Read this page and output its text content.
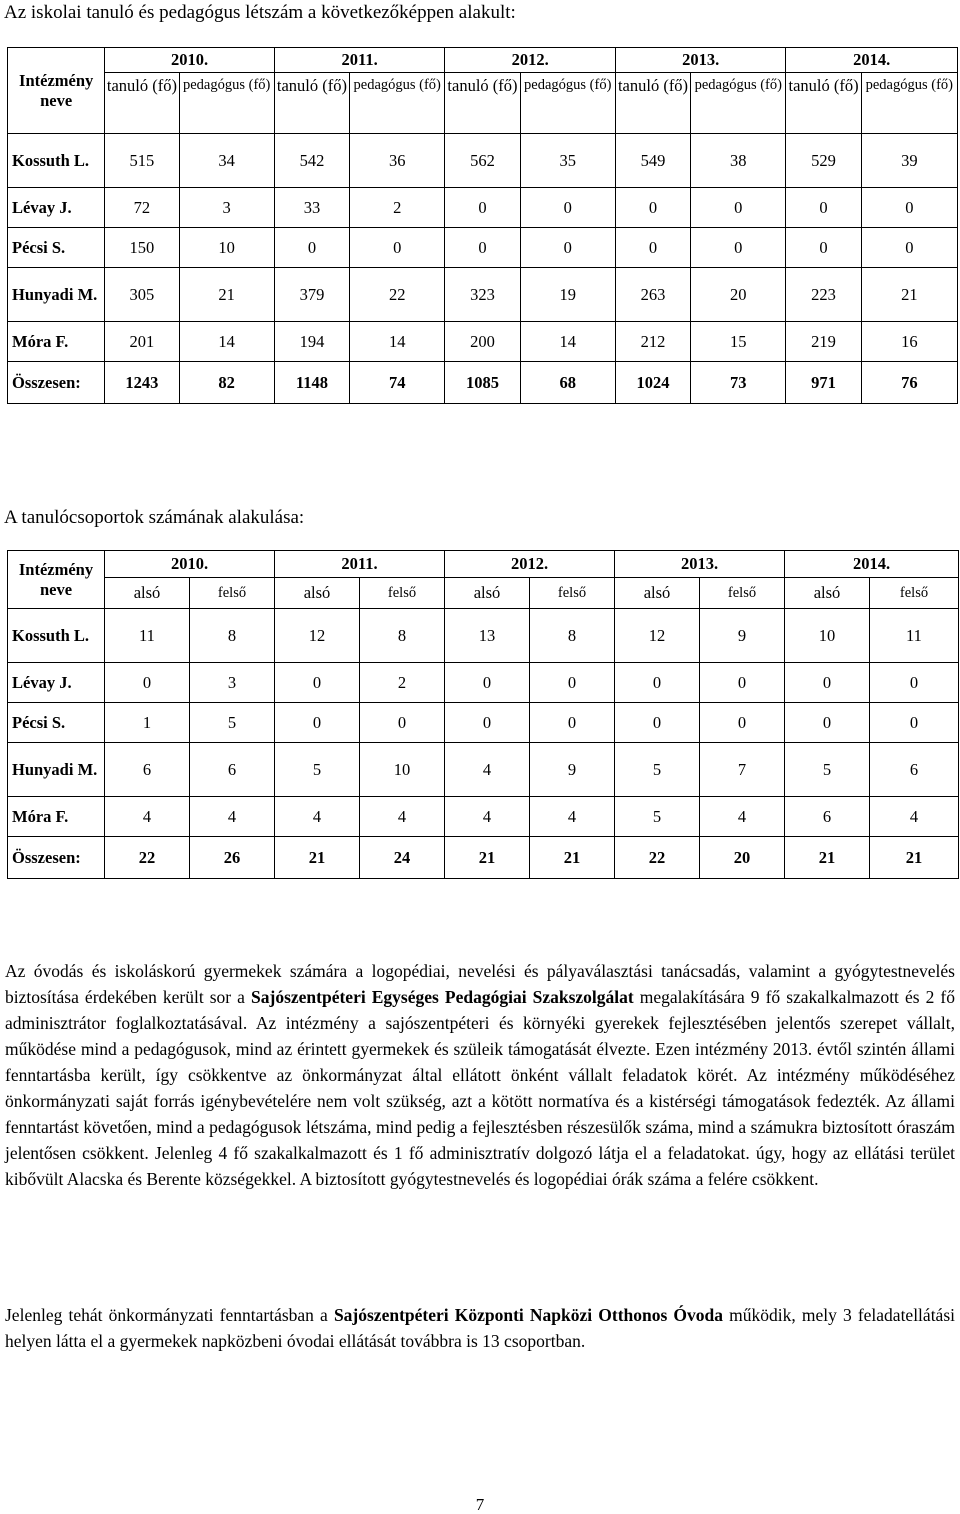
Az iskolai tanuló és pedagógus létszám a következőképpen alakult:

Intézmény neve	2010.		2011.		2012.		2013.		2014.	
	tanuló (fő)	pedagógus (fő)	tanuló (fő)	pedagógus (fő)	tanuló (fő)	pedagógus (fő)	tanuló (fő)	pedagógus (fő)	tanuló (fő)	pedagógus (fő)
Kossuth L.	515	34	542	36	562	35	549	38	529	39
Lévay J.	72	3	33	2	0	0	0	0	0	0
Pécsi S.	150	10	0	0	0	0	0	0	0	0
Hunyadi M.	305	21	379	22	323	19	263	20	223	21
Móra F.	201	14	194	14	200	14	212	15	219	16
Összesen:	1243	82	1148	74	1085	68	1024	73	971	76

A tanulócsoportok számának alakulása:

Intézmény neve	2010.		2011.		2012.		2013.		2014.	
	alsó	felső	alsó	felső	alsó	felső	alsó	felső	alsó	felső
Kossuth L.	11	8	12	8	13	8	12	9	10	11
Lévay J.	0	3	0	2	0	0	0	0	0	0
Pécsi S.	1	5	0	0	0	0	0	0	0	0
Hunyadi M.	6	6	5	10	4	9	5	7	5	6
Móra F.	4	4	4	4	4	4	5	4	6	4
Összesen:	22	26	21	24	21	21	22	20	21	21

Az óvodás és iskoláskorú gyermekek számára a logopédiai, nevelési és pályaválasztási tanácsadás, valamint a gyógytestnevelés biztosítása érdekében került sor a Sajószentpéteri Egységes Pedagógiai Szakszolgálat megalakítására 9 fő szakalkalmazott és 2 fő adminisztrátor foglalkoztatásával. Az intézmény a sajószentpéteri és környéki gyerekek fejlesztésében jelentős szerepet vállalt, működése mind a pedagógusok, mind az érintett gyermekek és szüleik támogatását élvezte. Ezen intézmény 2013. évtől szintén állami fenntartásba került, így csökkentve az önkormányzat által ellátott önként vállalt feladatok körét. Az intézmény működéséhez önkormányzati saját forrás igénybevételére nem volt szükség, azt a kötött normatíva és a kistérségi támogatások fedezték. Az állami fenntartást követően, mind a pedagógusok létszáma, mind pedig a fejlesztésben részesülők száma, mind a számukra biztosított óraszám jelentősen csökkent. Jelenleg 4 fő szakalkalmazott és 1 fő adminisztratív dolgozó látja el a feladatokat. úgy, hogy az ellátási terület kibővült Alacska és Berente községekkel. A biztosított gyógytestnevelés és logopédiai órák száma a felére csökkent.

Jelenleg tehát önkormányzati fenntartásban a Sajószentpéteri Központi Napközi Otthonos Óvoda működik, mely 3 feladatellátási helyen látta el a gyermekek napközbeni óvodai ellátását továbbra is 13 csoportban.

7
